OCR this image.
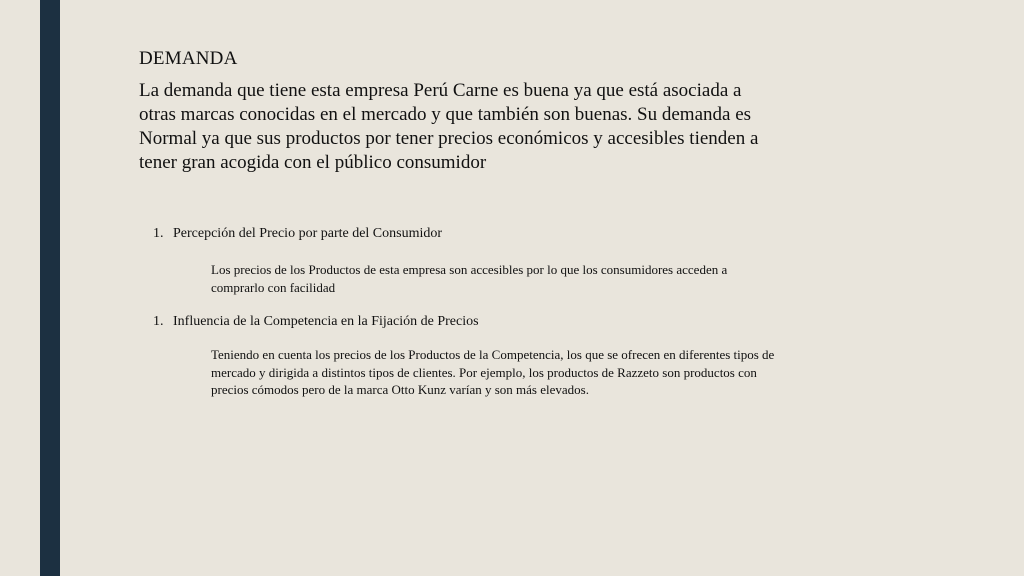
DEMANDA

La demanda que tiene esta empresa Perú Carne es buena ya que está asociada a otras marcas conocidas en el mercado y que también son buenas. Su demanda es Normal ya que sus productos por tener precios económicos y accesibles tienden a tener gran acogida con el público consumidor

1. Percepción del Precio por parte del Consumidor

Los precios de los Productos de esta empresa son accesibles por lo que los consumidores acceden a comprarlo con facilidad

1. Influencia de la Competencia en la Fijación de Precios

Teniendo en cuenta los precios de los Productos de la Competencia, los que se ofrecen en diferentes tipos de mercado y dirigida a distintos tipos de clientes. Por ejemplo, los productos de Razzeto son productos con precios cómodos pero de la marca Otto Kunz varían y son más elevados.
